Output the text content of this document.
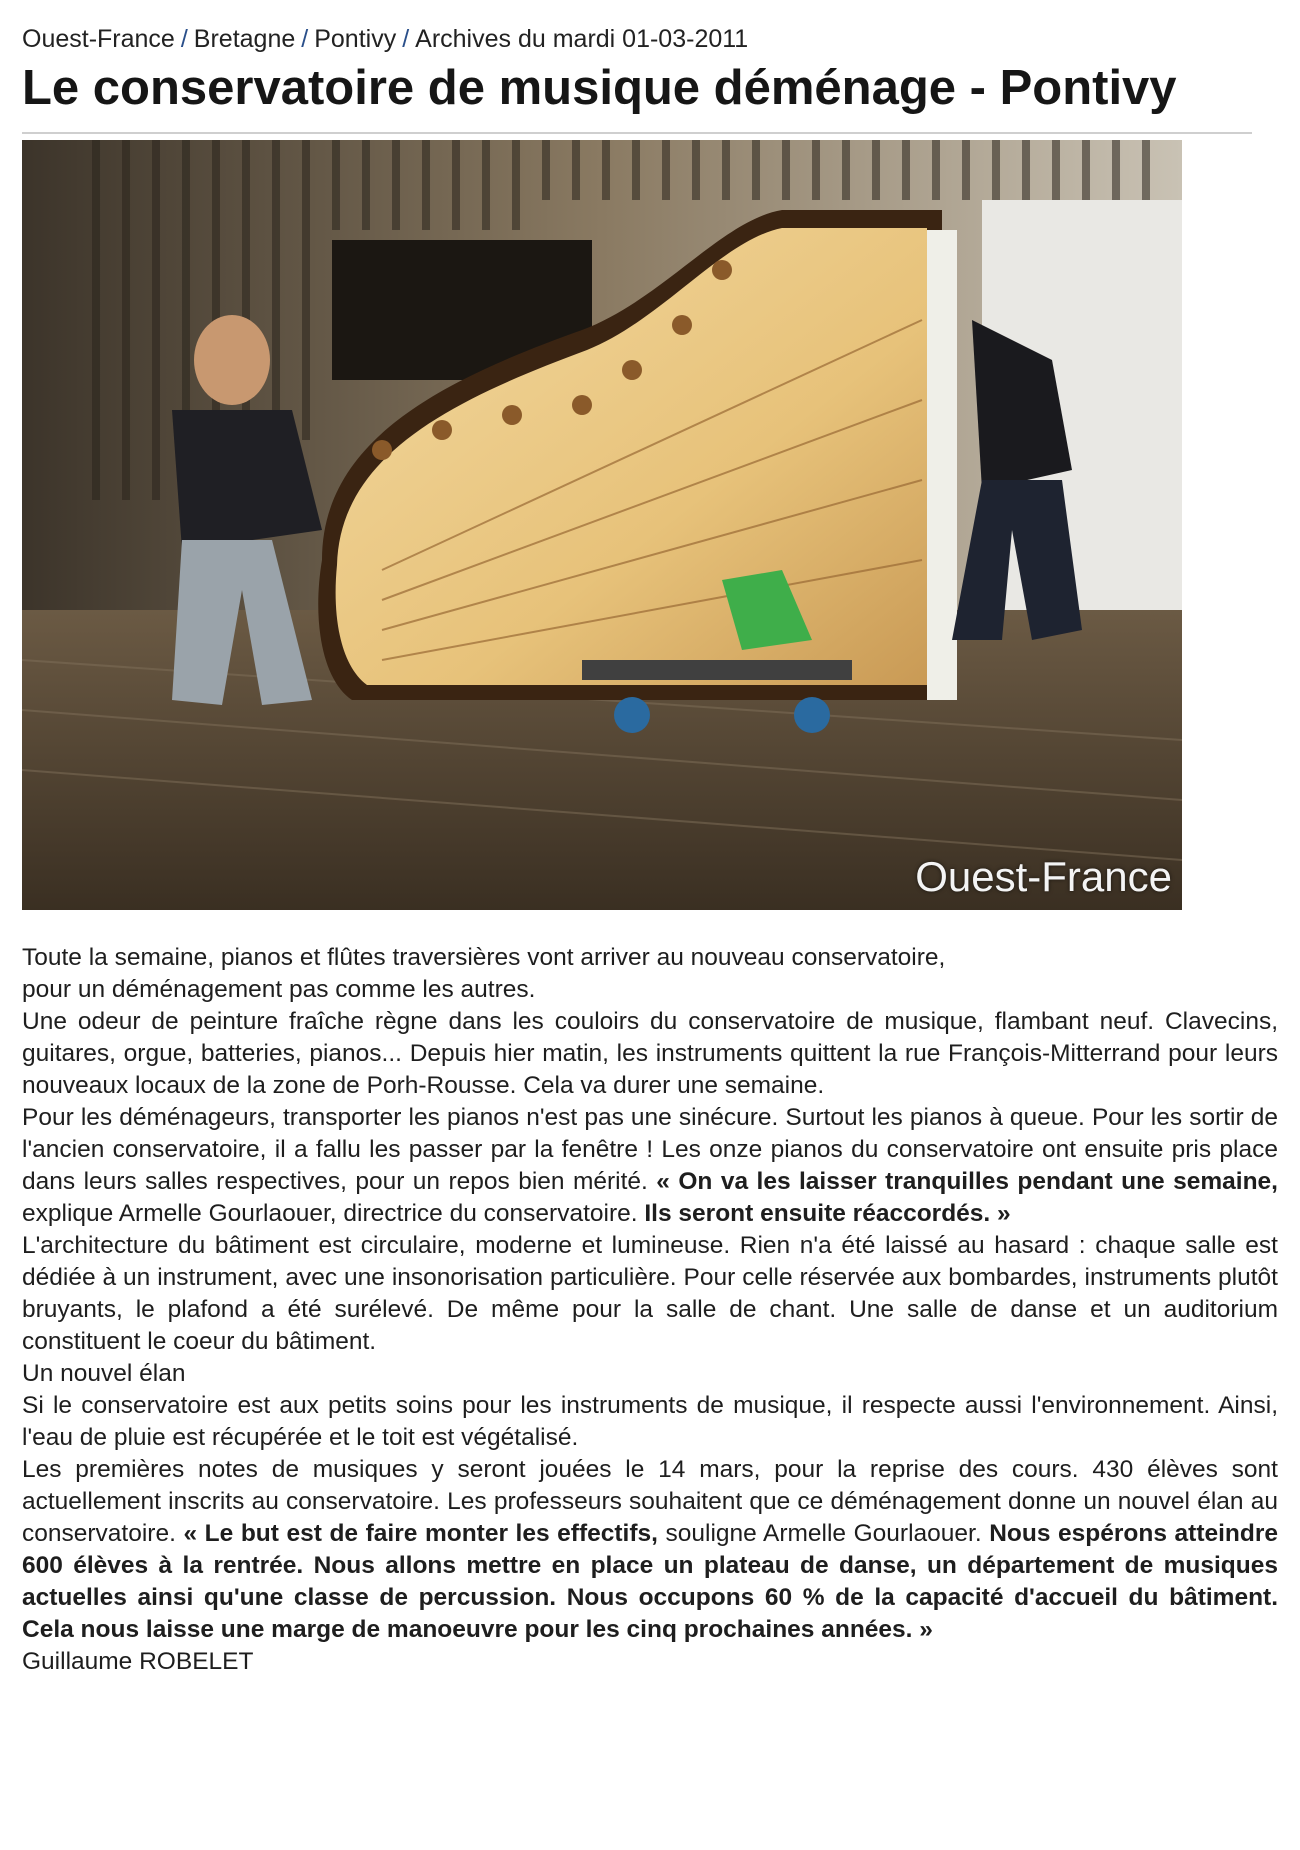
Ouest-France / Bretagne / Pontivy / Archives du mardi 01-03-2011
Le conservatoire de musique déménage - Pontivy
Ouest-France

Toute la semaine, pianos et flûtes traversières vont arriver au nouveau conservatoire,
pour un déménagement pas comme les autres.

Une odeur de peinture fraîche règne dans les couloirs du conservatoire de musique, flambant neuf. Clavecins, guitares, orgue, batteries, pianos... Depuis hier matin, les instruments quittent la rue François-Mitterrand pour leurs nouveaux locaux de la zone de Porh-Rousse. Cela va durer une semaine.

Pour les déménageurs, transporter les pianos n'est pas une sinécure. Surtout les pianos à queue. Pour les sortir de l'ancien conservatoire, il a fallu les passer par la fenêtre ! Les onze pianos du conservatoire ont ensuite pris place dans leurs salles respectives, pour un repos bien mérité. « On va les laisser tranquilles pendant une semaine, explique Armelle Gourlaouer, directrice du conservatoire. Ils seront ensuite réaccordés. »

L'architecture du bâtiment est circulaire, moderne et lumineuse. Rien n'a été laissé au hasard : chaque salle est dédiée à un instrument, avec une insonorisation particulière. Pour celle réservée aux bombardes, instruments plutôt bruyants, le plafond a été surélevé. De même pour la salle de chant. Une salle de danse et un auditorium constituent le coeur du bâtiment.

Un nouvel élan

Si le conservatoire est aux petits soins pour les instruments de musique, il respecte aussi l'environnement. Ainsi, l'eau de pluie est récupérée et le toit est végétalisé.

Les premières notes de musiques y seront jouées le 14 mars, pour la reprise des cours. 430 élèves sont actuellement inscrits au conservatoire. Les professeurs souhaitent que ce déménagement donne un nouvel élan au conservatoire. « Le but est de faire monter les effectifs, souligne Armelle Gourlaouer. Nous espérons atteindre 600 élèves à la rentrée. Nous allons mettre en place un plateau de danse, un département de musiques actuelles ainsi qu'une classe de percussion. Nous occupons 60 % de la capacité d'accueil du bâtiment. Cela nous laisse une marge de manoeuvre pour les cinq prochaines années. »

Guillaume ROBELET
